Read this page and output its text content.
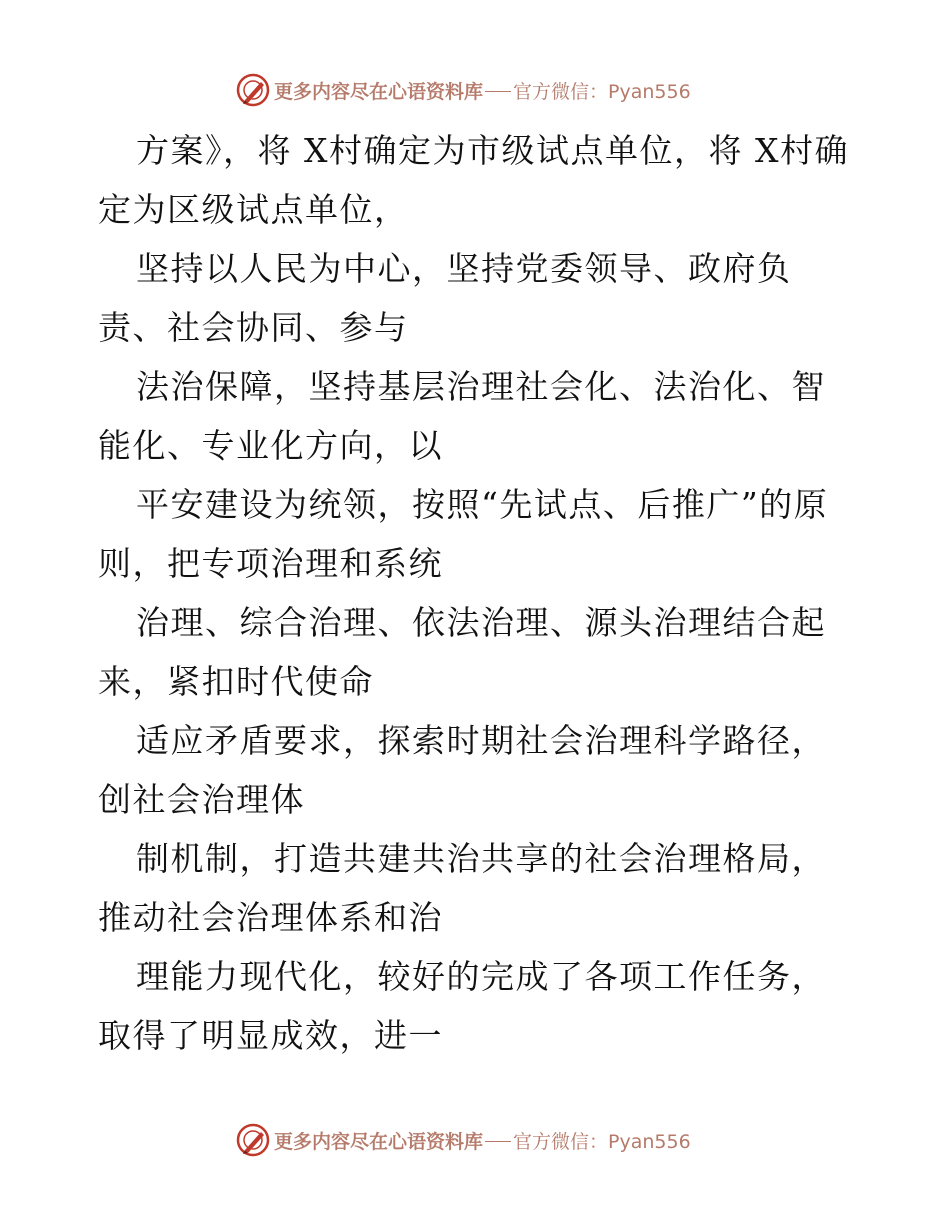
更多内容尽在心语资料库 官方微信：Pyan556

方案》，将 X村确定为市级试点单位，将 X村确定为区级试点单位，

坚持以人民为中心，坚持党委领导、政府负责、社会协同、参与

法治保障，坚持基层治理社会化、法治化、智能化、专业化方向，以

平安建设为统领，按照“先试点、后推广”的原则，把专项治理和系统

治理、综合治理、依法治理、源头治理结合起来，紧扣时代使命

适应矛盾要求，探索时期社会治理科学路径，创社会治理体

制机制，打造共建共治共享的社会治理格局，推动社会治理体系和治

理能力现代化，较好的完成了各项工作任务，取得了明显成效，进一

更多内容尽在心语资料库 官方微信：Pyan556
